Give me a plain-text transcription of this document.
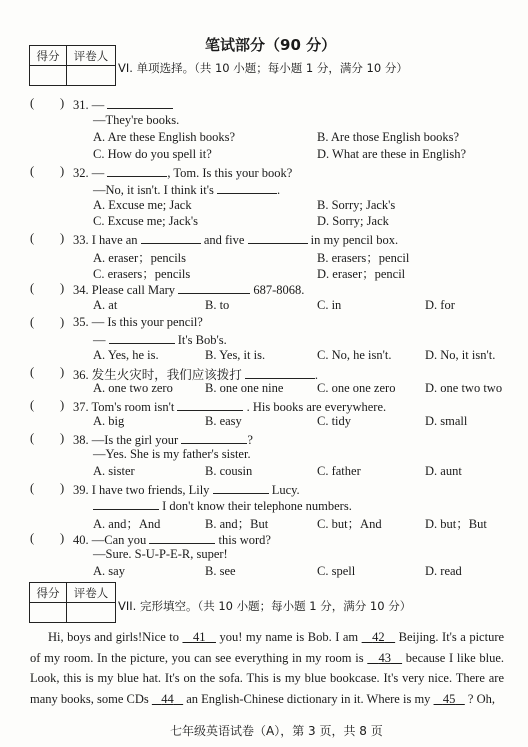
笔试部分（90 分）
得分	评卷人

VI. 单项选择。（共 10 小题；每小题 1 分，满分 10 分）
( ) 31. —
—They're books.
A. Are these English books?	B. Are those English books?
C. How do you spell it?	D. What are these in English?
( ) 32. —	, Tom. Is this your book?
—No, it isn't. I think it's	.
A. Excuse me; Jack	B. Sorry; Jack's
C. Excuse me; Jack's	D. Sorry; Jack
( ) 33. I have an	and five	in my pencil box.
A. eraser；pencils	B. erasers；pencil
C. erasers；pencils	D. eraser；pencil
( ) 34. Please call Mary	687-8068.
A. at	B. to	C. in	D. for
( ) 35. — Is this your pencil?
—	It's Bob's.
A. Yes, he is.	B. Yes, it is.	C. No, he isn't.	D. No, it isn't.
( ) 36. 发生火灾时，我们应该拨打	.
A. one two zero	B. one one nine	C. one one zero D. one two two
( ) 37. Tom's room isn't	. His books are everywhere.
A. big	B. easy	C. tidy	D. small
( ) 38. —Is the girl your	?
—Yes. She is my father's sister.
A. sister	B. cousin	C. father	D. aunt
( ) 39. I have two friends, Lily	Lucy.
I don't know their telephone numbers.
A. and；And	B. and；But	C. but；And	D. but；But
( ) 40. —Can you	this word?
—Sure. S-U-P-E-R, super!
A. say	B. see	C. spell	D. read
得分	评卷人

VII. 完形填空。（共 10 小题；每小题 1 分，满分 10 分）
Hi, boys and girls!Nice to    41    you! my name is Bob. I am    42    Beijing. It's a picture of my room. In the picture, you can see everything in my room is    43    because I like blue. Look, this is my blue hat. It's on the sofa. This is my blue bookcase. It's very nice. There are many books, some CDs    44    an English-Chinese dictionary in it. Where is my    45    ? Oh,
七年级英语试卷（A），第 3 页，共 8 页
